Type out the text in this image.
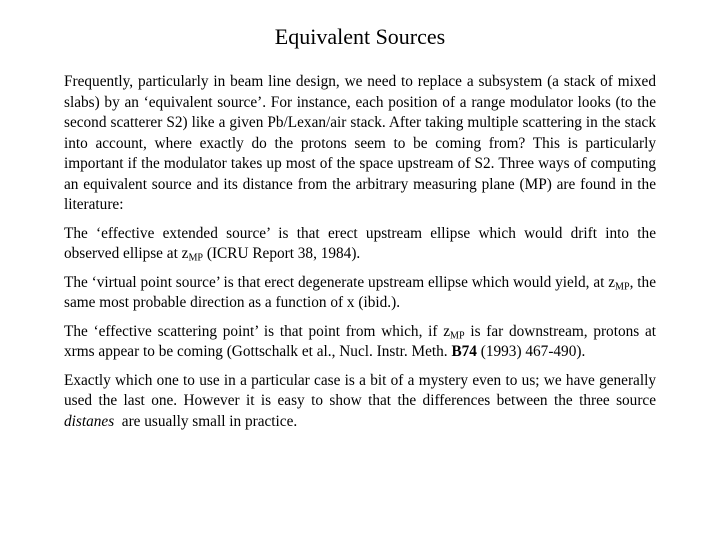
Equivalent Sources

Frequently, particularly in beam line design, we need to replace a subsystem (a stack of mixed slabs) by an ‘equivalent source’. For instance, each position of a range modulator looks (to the second scatterer S2) like a given Pb/Lexan/air stack. After taking multiple scattering in the stack into account, where exactly do the protons seem to be coming from? This is particularly important if the modulator takes up most of the space upstream of S2. Three ways of computing an equivalent source and its distance from the arbitrary measuring plane (MP) are found in the literature:

The ‘effective extended source’ is that erect upstream ellipse which would drift into the observed ellipse at $z_{MP}$ (ICRU Report 38, 1984).

The ‘virtual point source’ is that erect degenerate upstream ellipse which would yield, at $z_{MP}$, the same most probable direction as a function of x (ibid.).

The ‘effective scattering point’ is that point from which, if $z_{MP}$ is far downstream, protons at xrms appear to be coming (Gottschalk et al., Nucl. Instr. Meth. B74 (1993) 467-490).

Exactly which one to use in a particular case is a bit of a mystery even to us; we have generally used the last one. However it is easy to show that the differences between the three source distanes  are usually small in practice.
